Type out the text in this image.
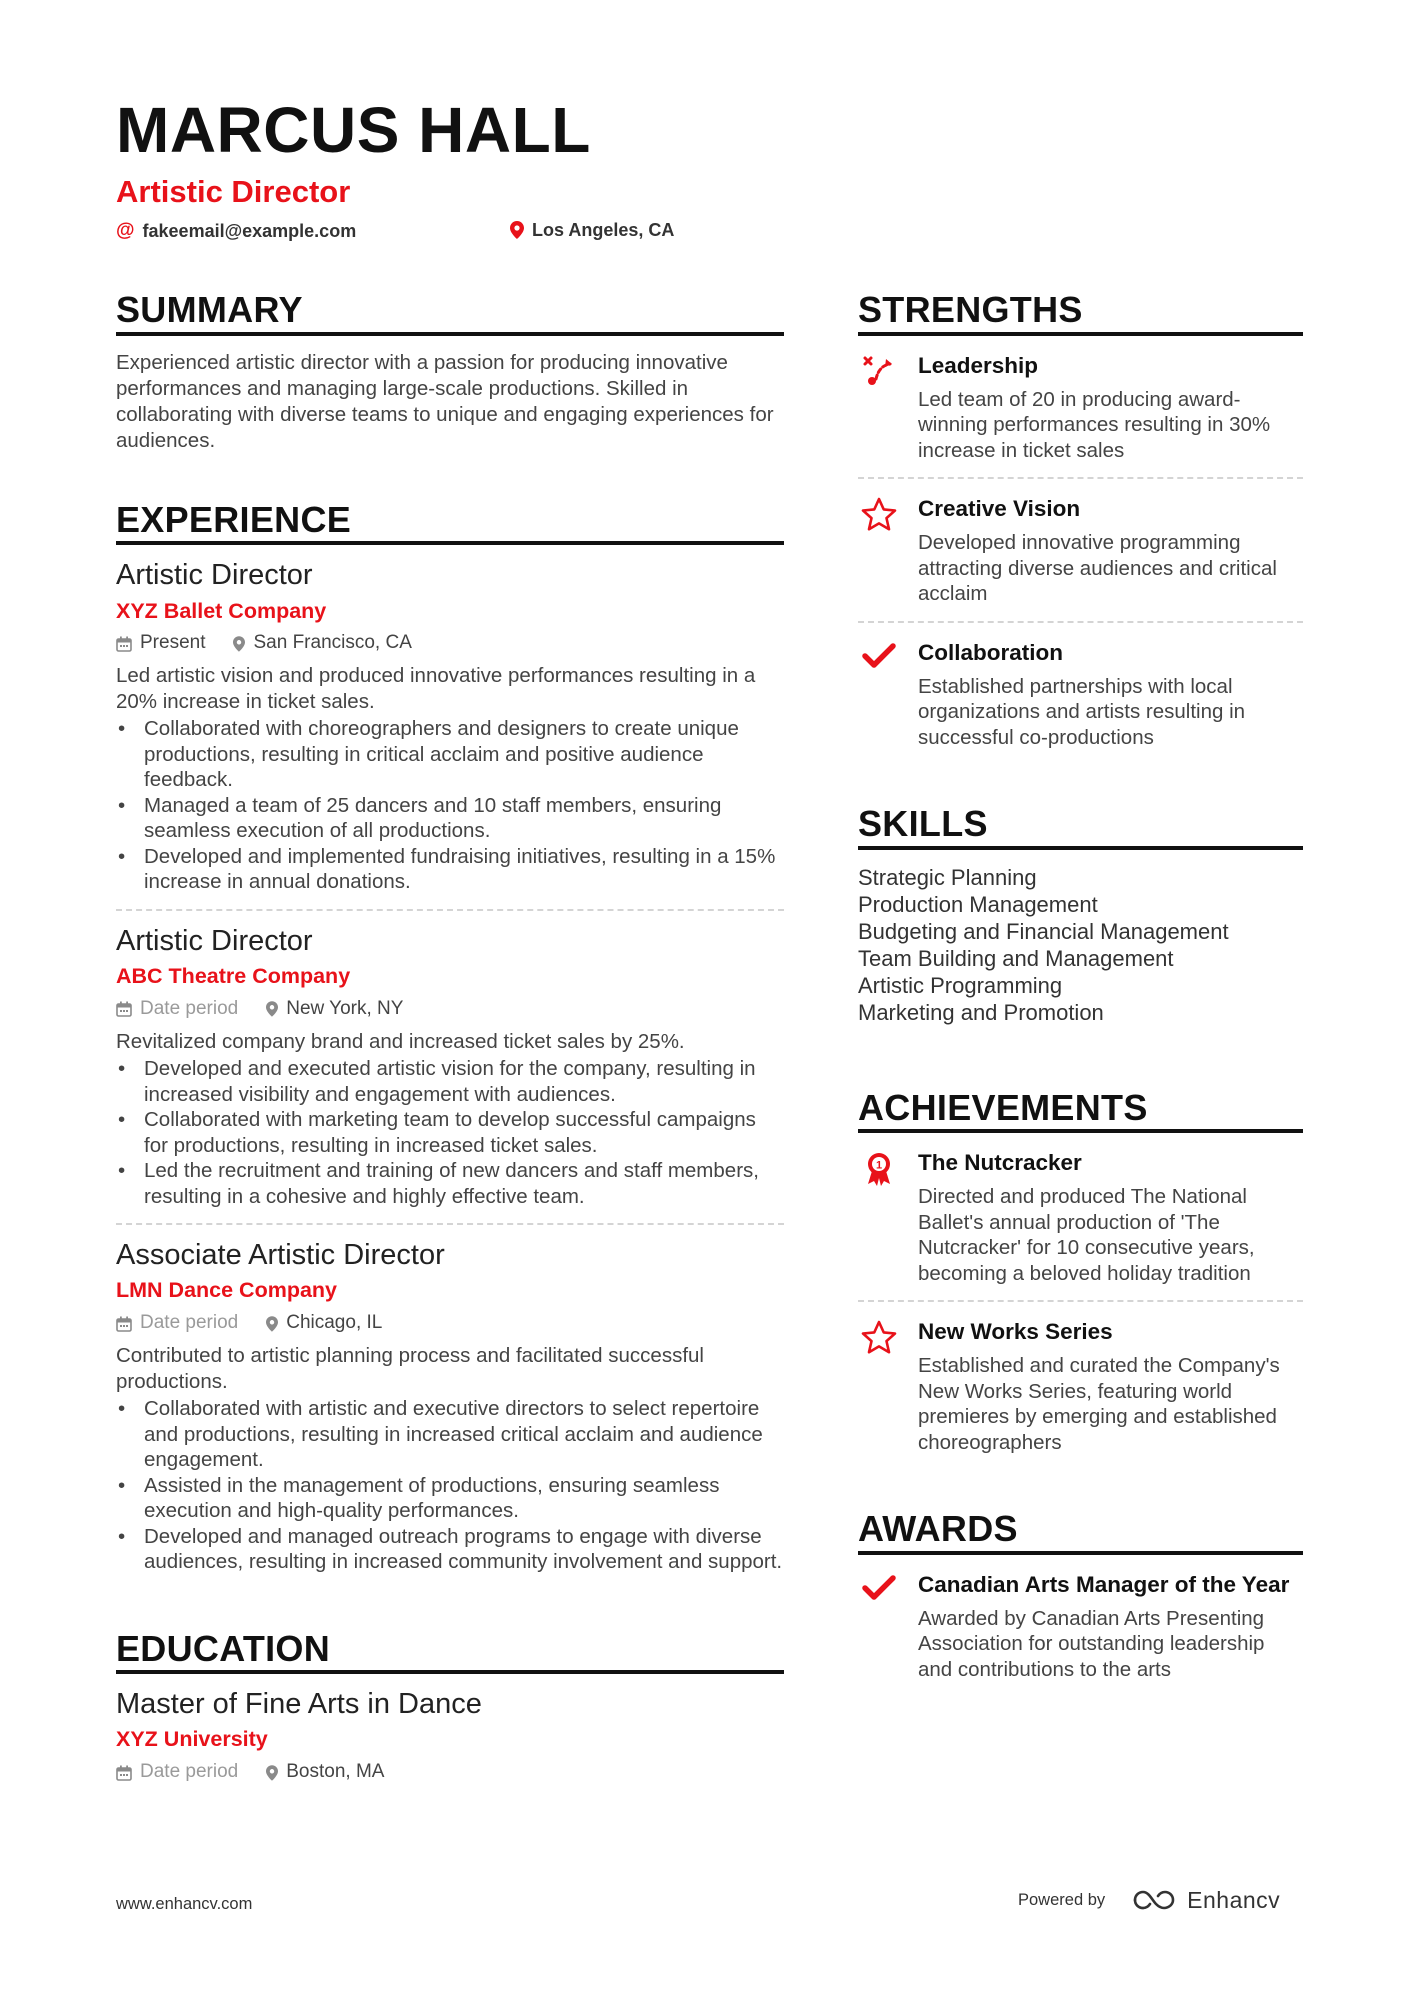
MARCUS HALL
Artistic Director
@ fakeemail@example.com	Los Angeles, CA
SUMMARY

Experienced artistic director with a passion for producing innovative performances and managing large-scale productions. Skilled in collaborating with diverse teams to unique and engaging experiences for audiences.

EXPERIENCE
Artistic Director
XYZ Ballet Company
Present	San Francisco, CA

Led artistic vision and produced innovative performances resulting in a 20% increase in ticket sales.

• Collaborated with choreographers and designers to create unique productions, resulting in critical acclaim and positive audience feedback.
• Managed a team of 25 dancers and 10 staff members, ensuring seamless execution of all productions.
• Developed and implemented fundraising initiatives, resulting in a 15% increase in annual donations.
Artistic Director
ABC Theatre Company
Date period	New York, NY

Revitalized company brand and increased ticket sales by 25%.

• Developed and executed artistic vision for the company, resulting in increased visibility and engagement with audiences.
• Collaborated with marketing team to develop successful campaigns for productions, resulting in increased ticket sales.
• Led the recruitment and training of new dancers and staff members, resulting in a cohesive and highly effective team.
Associate Artistic Director
LMN Dance Company
Date period	Chicago, IL

Contributed to artistic planning process and facilitated successful productions.

• Collaborated with artistic and executive directors to select repertoire and productions, resulting in increased critical acclaim and audience engagement.
• Assisted in the management of productions, ensuring seamless execution and high-quality performances.
• Developed and managed outreach programs to engage with diverse audiences, resulting in increased community involvement and support.
EDUCATION
Master of Fine Arts in Dance
XYZ University
Date period	Boston, MA
STRENGTHS
Leadership
Led team of 20 in producing award-winning performances resulting in 30% increase in ticket sales
Creative Vision
Developed innovative programming attracting diverse audiences and critical acclaim
Collaboration
Established partnerships with local organizations and artists resulting in successful co-productions
SKILLS
Strategic Planning
Production Management
Budgeting and Financial Management
Team Building and Management
Artistic Programming
Marketing and Promotion
ACHIEVEMENTS
1 The Nutcracker
Directed and produced The National Ballet's annual production of 'The Nutcracker' for 10 consecutive years, becoming a beloved holiday tradition
New Works Series
Established and curated the Company's New Works Series, featuring world premieres by emerging and established choreographers
AWARDS
Canadian Arts Manager of the Year
Awarded by Canadian Arts Presenting Association for outstanding leadership and contributions to the arts
www.enhancv.com	Powered by	Enhancv
